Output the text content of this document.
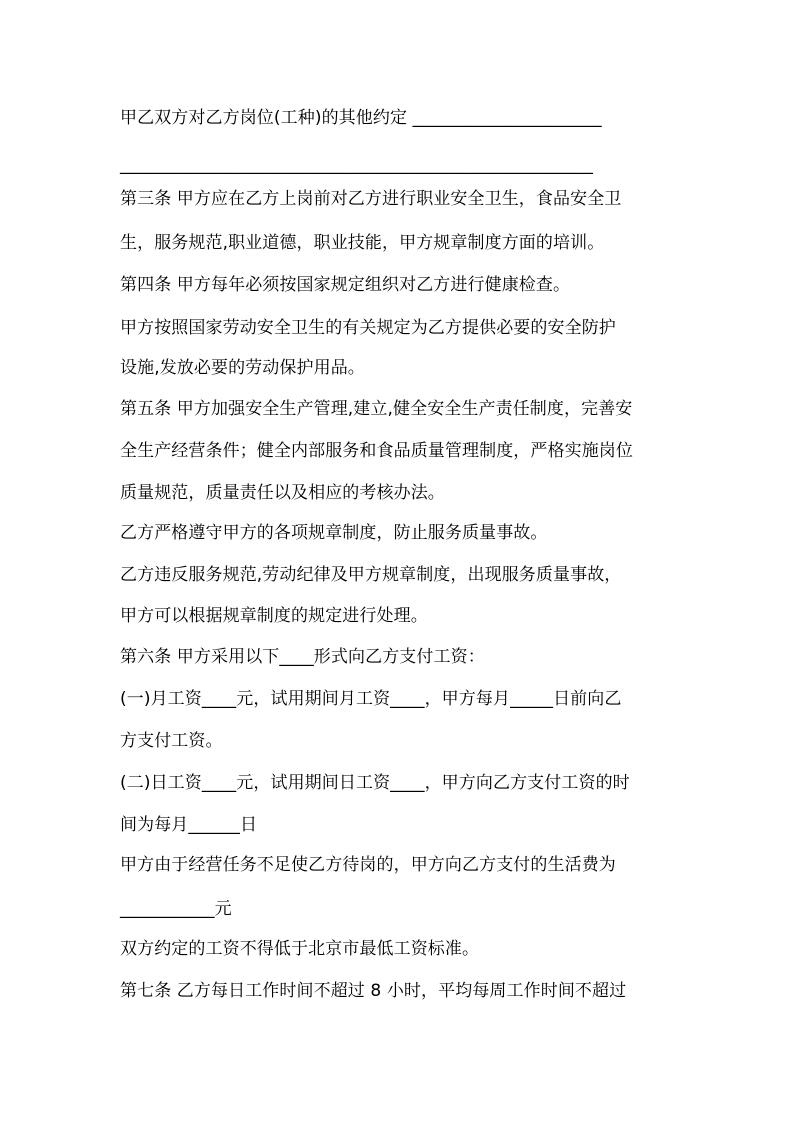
甲乙双方对乙方岗位(工种)的其他约定 ______________________

_______________________________________________________

第三条 甲方应在乙方上岗前对乙方进行职业安全卫生，食品安全卫

生，服务规范,职业道德，职业技能，甲方规章制度方面的培训。

第四条 甲方每年必须按国家规定组织对乙方进行健康检查。

甲方按照国家劳动安全卫生的有关规定为乙方提供必要的安全防护

设施,发放必要的劳动保护用品。

第五条 甲方加强安全生产管理,建立,健全安全生产责任制度，完善安

全生产经营条件；健全内部服务和食品质量管理制度，严格实施岗位

质量规范，质量责任以及相应的考核办法。

乙方严格遵守甲方的各项规章制度，防止服务质量事故。

乙方违反服务规范,劳动纪律及甲方规章制度，出现服务质量事故，

甲方可以根据规章制度的规定进行处理。

第六条 甲方采用以下____形式向乙方支付工资：

(一)月工资____元，试用期间月工资____，甲方每月_____日前向乙

方支付工资。

(二)日工资____元，试用期间日工资____，甲方向乙方支付工资的时

间为每月______日

甲方由于经营任务不足使乙方待岗的，甲方向乙方支付的生活费为

___________元

双方约定的工资不得低于北京市最低工资标准。

第七条 乙方每日工作时间不超过 8 小时，平均每周工作时间不超过
